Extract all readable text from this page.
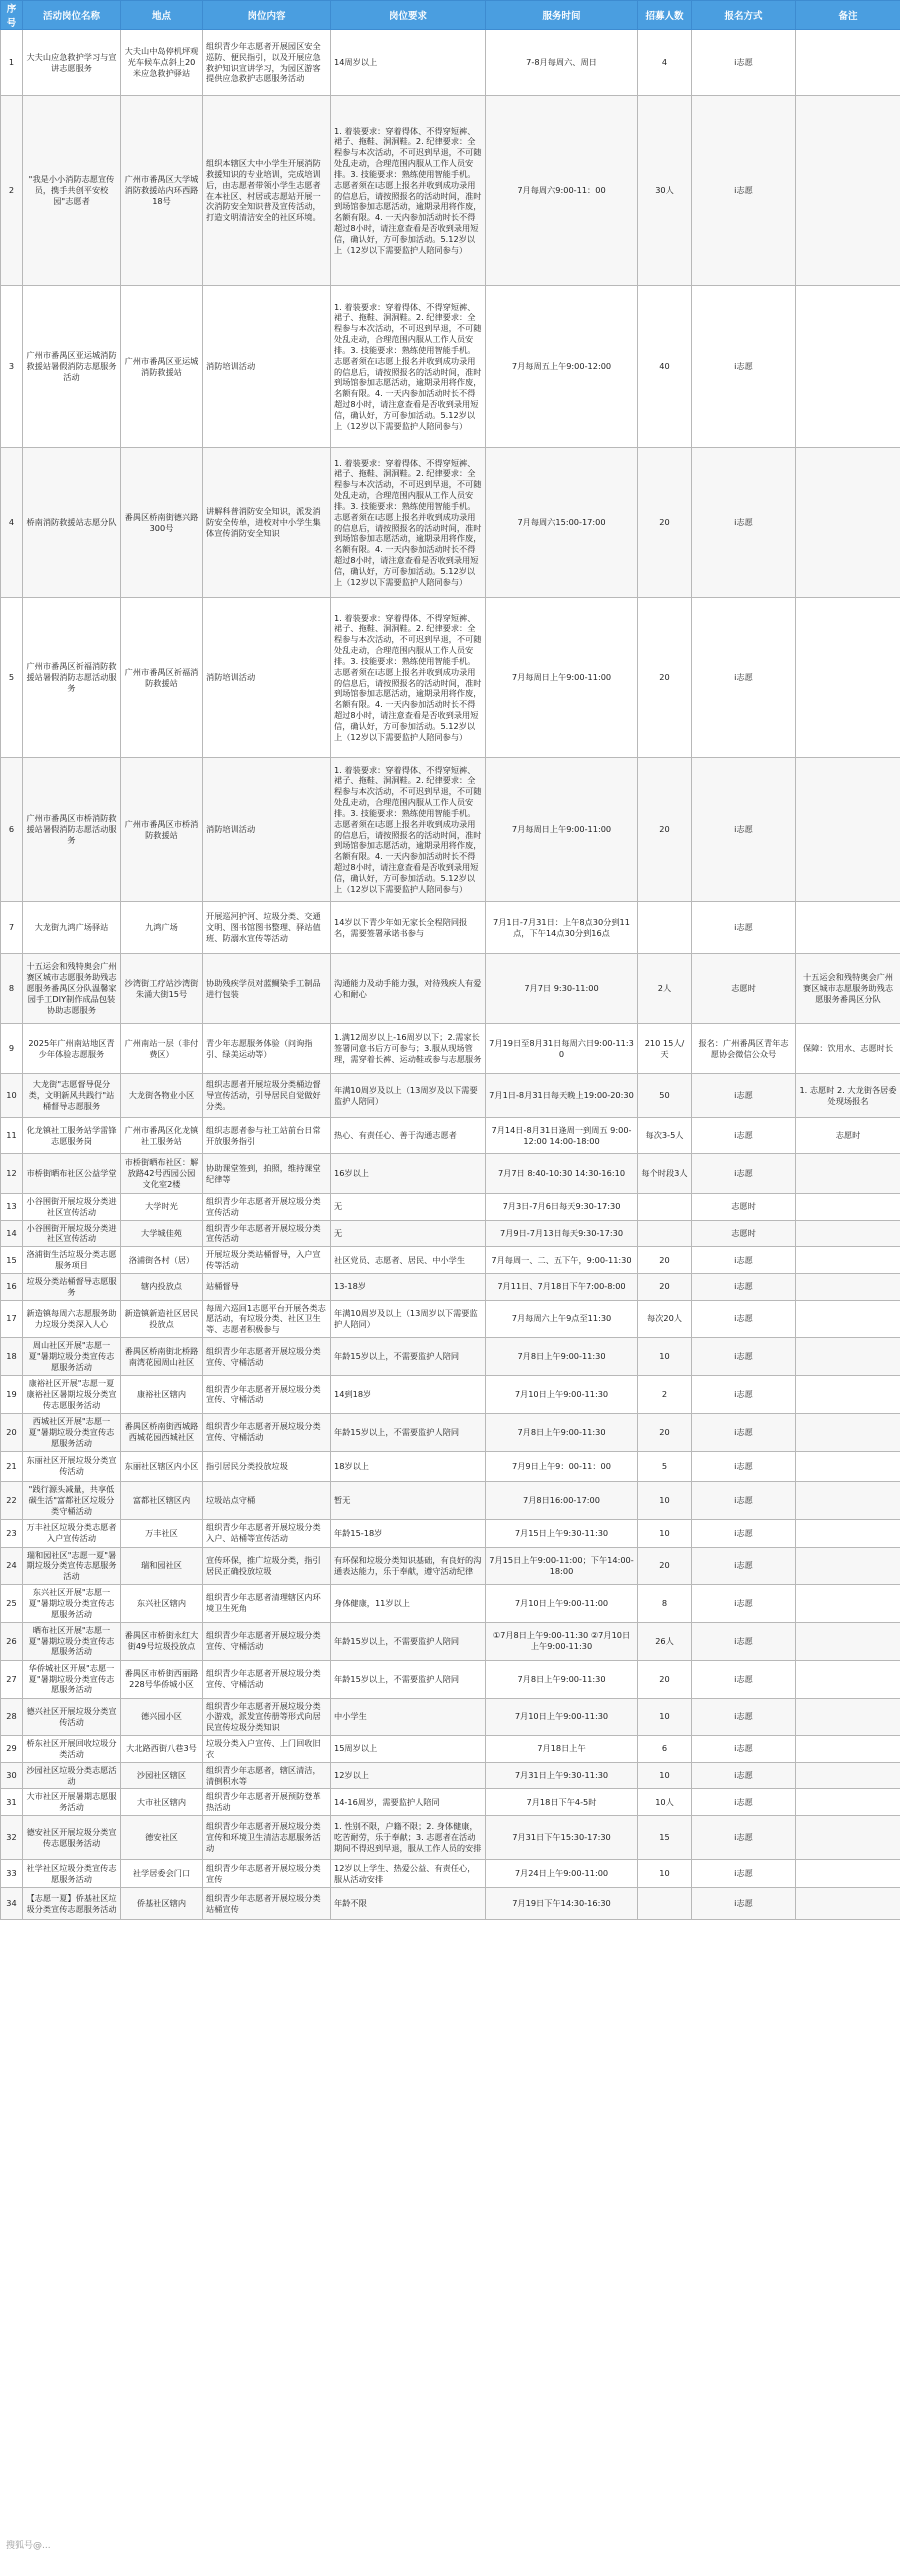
序号	活动岗位名称	地点	岗位内容	岗位要求	服务时间	招募人数	报名方式	备注
1	大夫山应急救护学习与宣讲志愿服务	大夫山中岛停机坪观光车候车点斜上20米应急救护驿站	组织青少年志愿者开展园区安全巡防、便民指引，以及开展应急救护知识宣讲学习，为园区游客提供应急救护志愿服务活动	14周岁以上	7-8月每周六、周日	4	i志愿	
2	"我是小小消防志愿宣传员，携手共创平安校园"志愿者	广州市番禺区大学城消防救援站内环西路18号	组织本辖区大中小学生开展消防救援知识的专业培训，完成培训后，由志愿者带领小学生志愿者在本社区、村居或志愿站开展一次消防安全知识普及宣传活动，打造文明清洁安全的社区环境。	1. 着装要求：穿着得体、不得穿短裤、裙子、拖鞋、洞洞鞋。2. 纪律要求：全程参与本次活动，不可迟到早退，不可随处乱走动，合理范围内服从工作人员安排。3. 技能要求：熟练使用智能手机。志愿者须在i志愿上报名并收到成功录用的信息后，请按照报名的活动时间，准时到场馆参加志愿活动，逾期录用将作废，名额有限。4. 一天内参加活动时长不得超过8小时，请注意查看是否收到录用短信，确认好，方可参加活动。5.12岁以上（12岁以下需要监护人陪同参与）	7月每周六9:00-11：00	30人	i志愿	
3	广州市番禺区亚运城消防救援站暑假消防志愿服务活动	广州市番禺区亚运城消防救援站	消防培训活动	1. 着装要求：穿着得体、不得穿短裤、裙子、拖鞋、洞洞鞋。2. 纪律要求：全程参与本次活动，不可迟到早退，不可随处乱走动，合理范围内服从工作人员安排。3. 技能要求：熟练使用智能手机。志愿者须在i志愿上报名并收到成功录用的信息后，请按照报名的活动时间，准时到场馆参加志愿活动，逾期录用将作废，名额有限。4. 一天内参加活动时长不得超过8小时，请注意查看是否收到录用短信，确认好，方可参加活动。5.12岁以上（12岁以下需要监护人陪同参与）	7月每周五上午9:00-12:00	40	i志愿	
4	桥南消防救援站志愿分队	番禺区桥南街德兴路300号	讲解科普消防安全知识，派发消防安全传单，进校对中小学生集体宣传消防安全知识	1. 着装要求：穿着得体、不得穿短裤、裙子、拖鞋、洞洞鞋。2. 纪律要求：全程参与本次活动，不可迟到早退，不可随处乱走动，合理范围内服从工作人员安排。3. 技能要求：熟练使用智能手机。志愿者须在i志愿上报名并收到成功录用的信息后，请按照报名的活动时间，准时到场馆参加志愿活动，逾期录用将作废，名额有限。4. 一天内参加活动时长不得超过8小时，请注意查看是否收到录用短信，确认好，方可参加活动。5.12岁以上（12岁以下需要监护人陪同参与）	7月每周六15:00-17:00	20	i志愿	
5	广州市番禺区祈福消防救援站暑假消防志愿活动服务	广州市番禺区祈福消防救援站	消防培训活动	1. 着装要求：穿着得体、不得穿短裤、裙子、拖鞋、洞洞鞋。2. 纪律要求：全程参与本次活动，不可迟到早退，不可随处乱走动，合理范围内服从工作人员安排。3. 技能要求：熟练使用智能手机。志愿者须在i志愿上报名并收到成功录用的信息后，请按照报名的活动时间，准时到场馆参加志愿活动，逾期录用将作废，名额有限。4. 一天内参加活动时长不得超过8小时，请注意查看是否收到录用短信，确认好，方可参加活动。5.12岁以上（12岁以下需要监护人陪同参与）	7月每周日上午9:00-11:00	20	i志愿	
6	广州市番禺区市桥消防救援站暑假消防志愿活动服务	广州市番禺区市桥消防救援站	消防培训活动	1. 着装要求：穿着得体、不得穿短裤、裙子、拖鞋、洞洞鞋。2. 纪律要求：全程参与本次活动，不可迟到早退，不可随处乱走动，合理范围内服从工作人员安排。3. 技能要求：熟练使用智能手机。志愿者须在i志愿上报名并收到成功录用的信息后，请按照报名的活动时间，准时到场馆参加志愿活动，逾期录用将作废，名额有限。4. 一天内参加活动时长不得超过8小时，请注意查看是否收到录用短信，确认好，方可参加活动。5.12岁以上（12岁以下需要监护人陪同参与）	7月每周日上午9:00-11:00	20	i志愿	
7	大龙街九鸿广场驿站	九鸿广场	开展巡河护河、垃圾分类、交通文明、图书馆图书整理、驿站值班、防溺水宣传等活动	14岁以下青少年如无家长全程陪同报名，需要签署承诺书参与	7月1日-7月31日：上午8点30分到11点，下午14点30分到16点		i志愿	
8	十五运会和残特奥会广州赛区城市志愿服务助残志愿服务番禺区分队温馨家园手工DIY制作成品包装协助志愿服务	沙湾街工疗站沙湾街朱涌大街15号	协助残疾学员对蓝鲷染手工制品进行包装	沟通能力及动手能力强，对待残疾人有爱心和耐心	7月7日 9:30-11:00	2人	志愿时	十五运会和残特奥会广州赛区城市志愿服务助残志愿服务番禺区分队
9	2025年广州南站地区青少年体验志愿服务	广州南站一层（非付费区）	青少年志愿服务体验（问询指引、绿美运动等）	1.满12周岁以上-16周岁以下；2.需家长签署同意书后方可参与；3.服从现场管理，需穿着长裤、运动鞋或参与志愿服务	7月19日至8月31日每周六日9:00-11:30	210 15人/天	报名：广州番禺区青年志愿协会微信公众号	保障：饮用水、志愿时长
10	大龙街"志愿督导促分类，文明新风共践行"站桶督导志愿服务	大龙街各物业小区	组织志愿者开展垃圾分类桶边督导宣传活动，引导居民自觉做好分类。	年满10周岁及以上（13周岁及以下需要监护人陪同）	7月1日-8月31日每天晚上19:00-20:30	50	i志愿	1. 志愿时 2. 大龙街各居委处现场报名
11	化龙镇社工服务站学雷锋志愿服务岗	广州市番禺区化龙镇社工服务站	组织志愿者参与社工站前台日常开放服务指引	热心、有责任心、善于沟通志愿者	7月14日-8月31日逢周一到周五 9:00-12:00 14:00-18:00	每次3-5人	i志愿	志愿时
12	市桥街晒布社区公益学堂	市桥街晒布社区：解放路42号西园公园文化室2楼	协助课堂签到，拍照，维持课堂纪律等	16岁以上	7月7日 8:40-10:30 14:30-16:10	每个时段3人	i志愿	
13	小谷围街开展垃圾分类进社区宣传活动	大学时光	组织青少年志愿者开展垃圾分类宣传活动	无	7月3日-7月6日每天9:30-17:30		志愿时	
14	小谷围街开展垃圾分类进社区宣传活动	大学城佳苑	组织青少年志愿者开展垃圾分类宣传活动	无	7月9日-7月13日每天9:30-17:30		志愿时	
15	洛浦街生活垃圾分类志愿服务项目	洛浦街各村（居）	开展垃圾分类站桶督导，入户宣传等活动	社区党员、志愿者、居民、中小学生	7月每周一、二、五下午，9:00-11:30	20	i志愿	
16	垃圾分类站桶督导志愿服务	辖内投放点	站桶督导	13-18岁	7月11日、7月18日下午7:00-8:00	20	i志愿	
17	新造镇每周六志愿服务助力垃圾分类深入人心	新造镇新造社区居民投放点	每周六巡回1志愿平台开展各类志愿活动，有垃圾分类、社区卫生等、志愿者积极参与	年满10周岁及以上（13周岁以下需要监护人陪同）	7月每周六上午9点至11:30	每次20人	i志愿	
18	周山社区开展"志愿一夏"暑期垃圾分类宣传志愿服务活动	番禺区桥南街北桥路南湾花园周山社区	组织青少年志愿者开展垃圾分类宣传、守桶活动	年龄15岁以上，不需要监护人陪同	7月8日上午9:00-11:30	10	i志愿	
19	康裕社区开展"志愿一夏康裕社区暑期垃圾分类宣传志愿服务活动	康裕社区辖内	组织青少年志愿者开展垃圾分类宣传、守桶活动	14到18岁	7月10日上午9:00-11:30	2	i志愿	
20	西城社区开展"志愿一夏"暑期垃圾分类宣传志愿服务活动	番禺区桥南街西城路西城花园西城社区	组织青少年志愿者开展垃圾分类宣传、守桶活动	年龄15岁以上，不需要监护人陪同	7月8日上午9:00-11:30	20	i志愿	
21	东丽社区开展垃圾分类宣传活动	东丽社区辖区内小区	指引居民分类投放垃圾	18岁以上	7月9日上午9：00-11：00	5	i志愿	
22	"践行源头减量，共享低碳生活"富都社区垃圾分类守桶活动	富都社区辖区内	垃圾站点守桶	暂无	7月8日16:00-17:00	10	i志愿	
23	万丰社区垃圾分类志愿者入户宣传活动	万丰社区	组织青少年志愿者开展垃圾分类入户、站桶等宣传活动	年龄15-18岁	7月15日上午9:30-11:30	10	i志愿	
24	瑞和园社区"志愿一夏"暑期垃圾分类宣传志愿服务活动	瑞和园社区	宣传环保，推广垃圾分类，指引居民正确投放垃圾	有环保和垃圾分类知识基础，有良好的沟通表达能力，乐于奉献，遵守活动纪律	7月15日上午9:00-11:00；下午14:00-18:00	20	i志愿	
25	东兴社区开展"志愿一夏"暑期垃圾分类宣传志愿服务活动	东兴社区辖内	组织青少年志愿者清理辖区内环境卫生死角	身体健康，11岁以上	7月10日上午9:00-11:00	8	i志愿	
26	晒布社区开展"志愿一夏"暑期垃圾分类宣传志愿服务活动	番禺区市桥街永红大街49号垃圾投放点	组织青少年志愿者开展垃圾分类宣传、守桶活动	年龄15岁以上，不需要监护人陪同	①7月8日上午9:00-11:30 ②7月10日上午9:00-11:30	26人	i志愿	
27	华侨城社区开展"志愿一夏"暑期垃圾分类宣传志愿服务活动	番禺区市桥街西丽路228号华侨城小区	组织青少年志愿者开展垃圾分类宣传、守桶活动	年龄15岁以上，不需要监护人陪同	7月8日上午9:00-11:30	20	i志愿	
28	德兴社区开展垃圾分类宣传活动	德兴园小区	组织青少年志愿者开展垃圾分类小游戏，派发宣传册等形式向居民宣传垃圾分类知识	中小学生	7月10日上午9:00-11:30	10	i志愿	
29	桥东社区开展回收垃圾分类活动	大北路西街八巷3号	垃圾分类入户宣传、上门回收旧衣	15周岁以上	7月18日上午	6	i志愿	
30	沙园社区垃圾分类志愿活动	沙园社区辖区	组织青少年志愿者，辖区清洁，清倒积水等	12岁以上	7月31日上午9:30-11:30	10	i志愿	
31	大市社区开展暑期志愿服务活动	大市社区辖内	组织青少年志愿者开展预防登革热活动	14-16周岁，需要监护人陪同	7月18日下午4-5时	10人	i志愿	
32	德安社区开展垃圾分类宣传志愿服务活动	德安社区	组织青少年志愿者开展垃圾分类宣传和环境卫生清洁志愿服务活动	1. 性别不限，户籍不限；2. 身体健康，吃苦耐劳，乐于奉献；3. 志愿者在活动期间不得迟到早退，服从工作人员的安排	7月31日下午15:30-17:30	15	i志愿	
33	社学社区垃圾分类宣传志愿服务活动	社学居委会门口	组织青少年志愿者开展垃圾分类宣传	12岁以上学生、热爱公益、有责任心，服从活动安排	7月24日上午9:00-11:00	10	i志愿	
34	【志愿一夏】侨基社区垃圾分类宣传志愿服务活动	侨基社区辖内	组织青少年志愿者开展垃圾分类站桶宣传	年龄不限	7月19日下午14:30-16:30		i志愿	
搜狐号@...
